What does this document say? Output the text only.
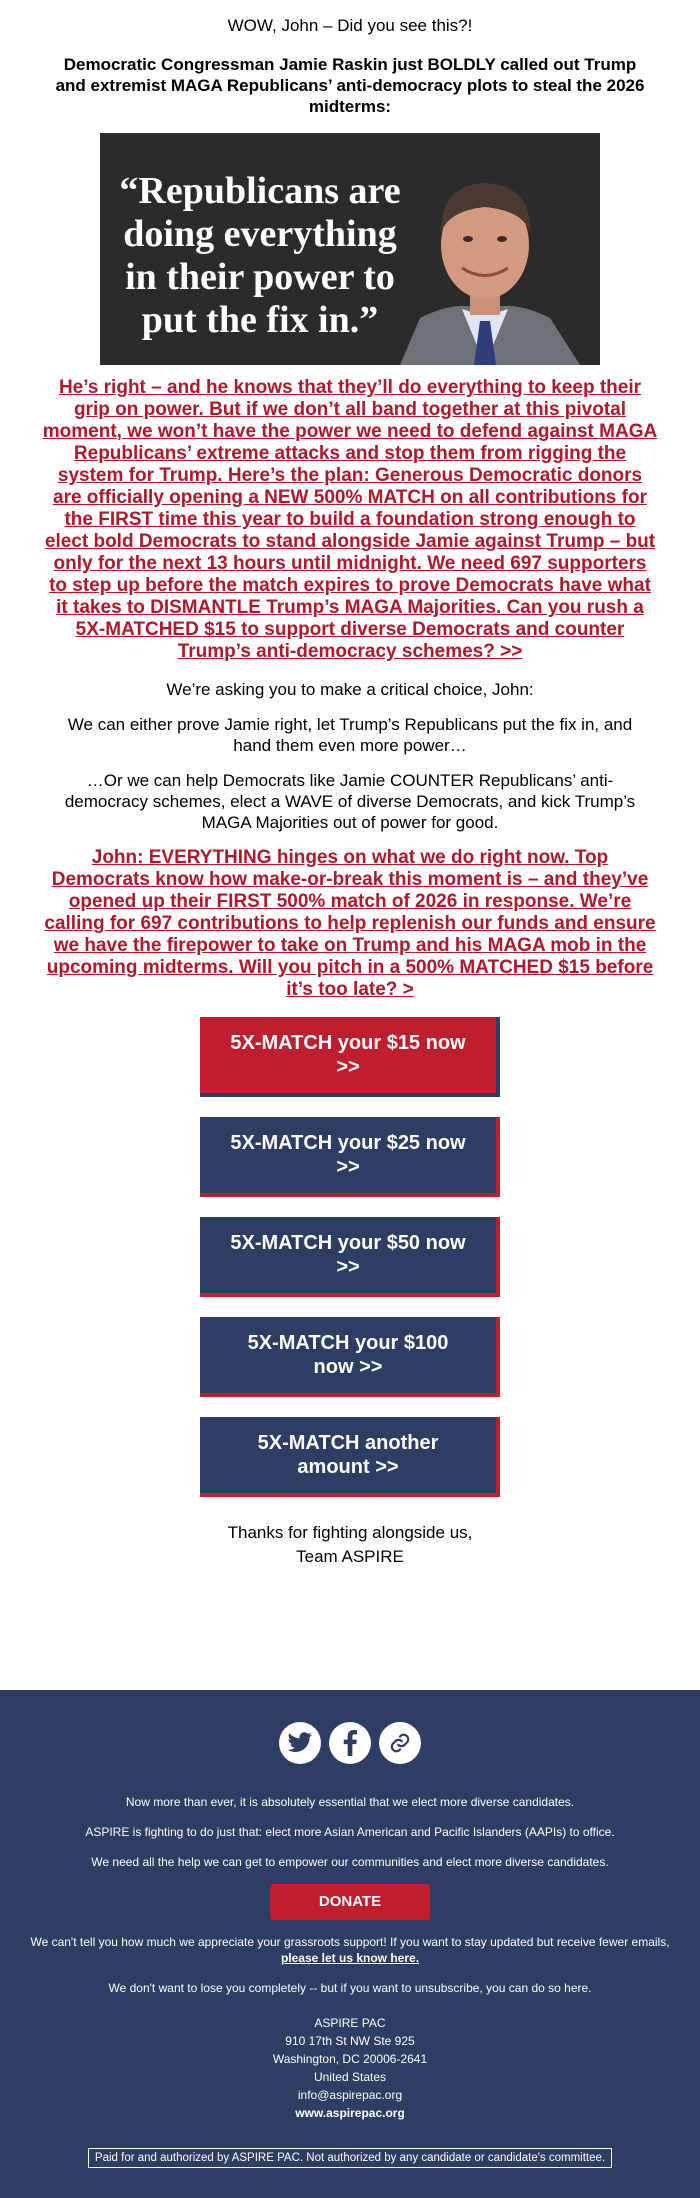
WOW, John – Did you see this?!
Democratic Congressman Jamie Raskin just BOLDLY called out Trump and extremist MAGA Republicans’ anti-democracy plots to steal the 2026 midterms:
“Republicans are
doing everything
in their power to
put the fix in.”
He’s right – and he knows that they’ll do everything to keep their grip on power. But if we don’t all band together at this pivotal moment, we won’t have the power we need to defend against MAGA Republicans’ extreme attacks and stop them from rigging the system for Trump. Here’s the plan: Generous Democratic donors are officially opening a NEW 500% MATCH on all contributions for the FIRST time this year to build a foundation strong enough to elect bold Democrats to stand alongside Jamie against Trump – but only for the next 13 hours until midnight. We need 697 supporters to step up before the match expires to prove Democrats have what it takes to DISMANTLE Trump’s MAGA Majorities. Can you rush a 5X-MATCHED $15 to support diverse Democrats and counter Trump’s anti-democracy schemes? >>
We’re asking you to make a critical choice, John:
We can either prove Jamie right, let Trump’s Republicans put the fix in, and hand them even more power…
…Or we can help Democrats like Jamie COUNTER Republicans’ anti-democracy schemes, elect a WAVE of diverse Democrats, and kick Trump’s MAGA Majorities out of power for good.
John: EVERYTHING hinges on what we do right now. Top Democrats know how make-or-break this moment is – and they’ve opened up their FIRST 500% match of 2026 in response. We’re calling for 697 contributions to help replenish our funds and ensure we have the firepower to take on Trump and his MAGA mob in the upcoming midterms. Will you pitch in a 500% MATCHED $15 before it’s too late? >
5X-MATCH your $15 now >>
5X-MATCH your $25 now >>
5X-MATCH your $50 now >>
5X-MATCH your $100 now >>
5X-MATCH another amount >>
Thanks for fighting alongside us,
Team ASPIRE

Now more than ever, it is absolutely essential that we elect more diverse candidates.

ASPIRE is fighting to do just that: elect more Asian American and Pacific Islanders (AAPIs) to office.

We need all the help we can get to empower our communities and elect more diverse candidates.

DONATE

We can't tell you how much we appreciate your grassroots support! If you want to stay updated but receive fewer emails,
please let us know here.

We don't want to lose you completely -- but if you want to unsubscribe, you can do so here.

ASPIRE PAC
910 17th St NW Ste 925
Washington, DC 20006-2641
United States
info@aspirepac.org
www.aspirepac.org
Paid for and authorized by ASPIRE PAC. Not authorized by any candidate or candidate's committee.
